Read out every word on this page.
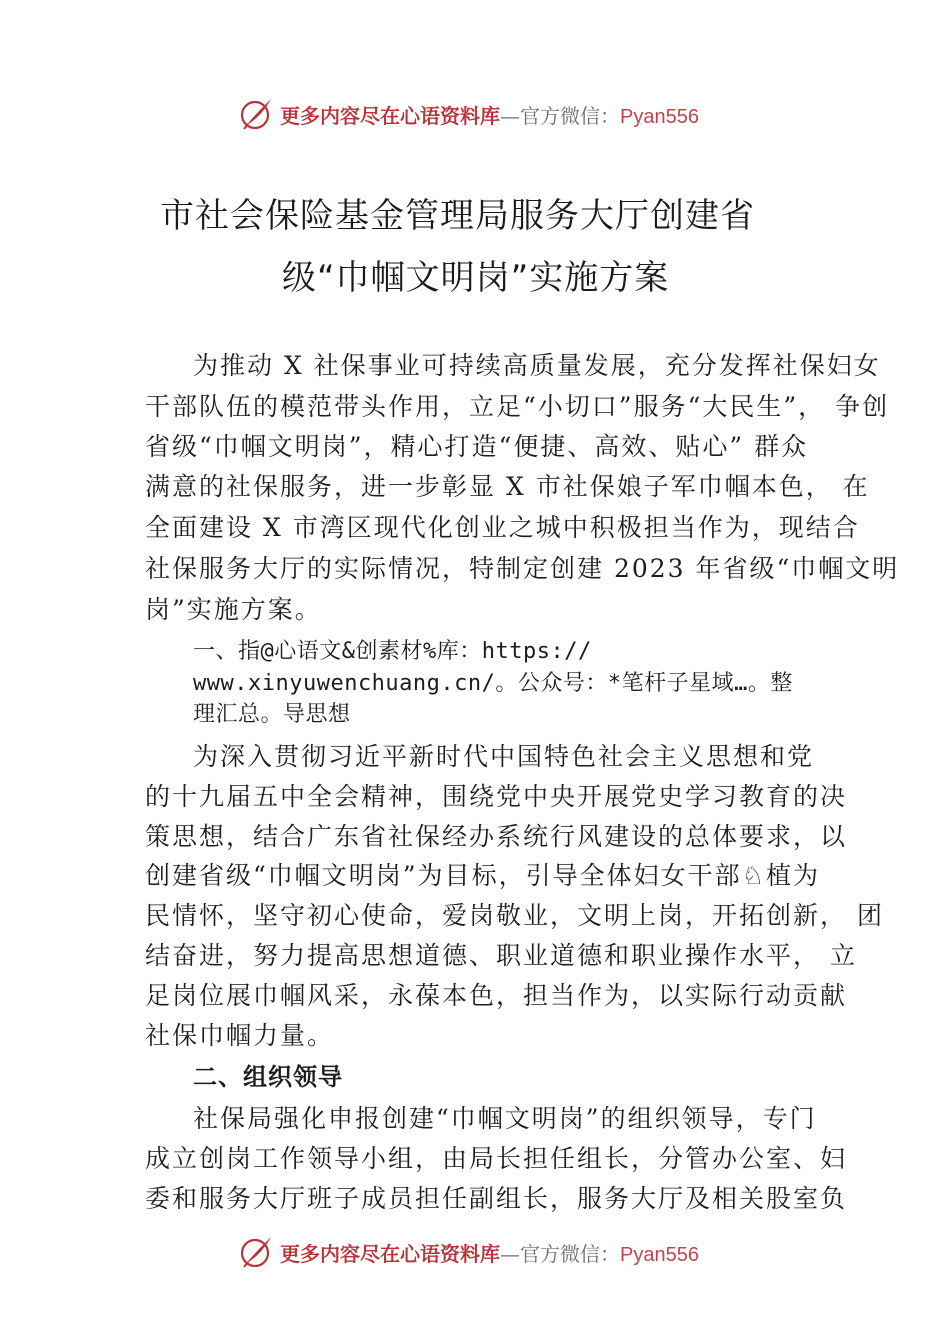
更多内容尽在心语资料库—官方微信：Pyan556
市社会保险基金管理局服务大厅创建省
级“巾帼文明岗”实施方案
为推动 X 社保事业可持续高质量发展，充分发挥社保妇女
干部队伍的模范带头作用，立足“小切口”服务“大民生”， 争创
省级“巾帼文明岗”，精心打造“便捷、高效、贴心” 群众
满意的社保服务，进一步彰显 X 市社保娘子军巾帼本色， 在
全面建设 X 市湾区现代化创业之城中积极担当作为，现结合
社保服务大厅的实际情况，特制定创建 2023 年省级“巾帼文明
岗”实施方案。
一、指@心语文&创素材%库：https://
www.xinyuwenchuang.cn/。公众号：*笔杆子星域…。整
理汇总。导思想
为深入贯彻习近平新时代中国特色社会主义思想和党
的十九届五中全会精神，围绕党中央开展党史学习教育的决
策思想，结合广东省社保经办系统行风建设的总体要求，以
创建省级“巾帼文明岗”为目标，引导全体妇女干部♘植为
民情怀，坚守初心使命，爱岗敬业，文明上岗，开拓创新， 团
结奋进，努力提高思想道德、职业道德和职业操作水平， 立
足岗位展巾帼风采，永葆本色，担当作为，以实际行动贡献
社保巾帼力量。
二、组织领导
社保局强化申报创建“巾帼文明岗”的组织领导，专门
成立创岗工作领导小组，由局长担任组长，分管办公室、妇
委和服务大厅班子成员担任副组长，服务大厅及相关股室负
更多内容尽在心语资料库—官方微信：Pyan556
